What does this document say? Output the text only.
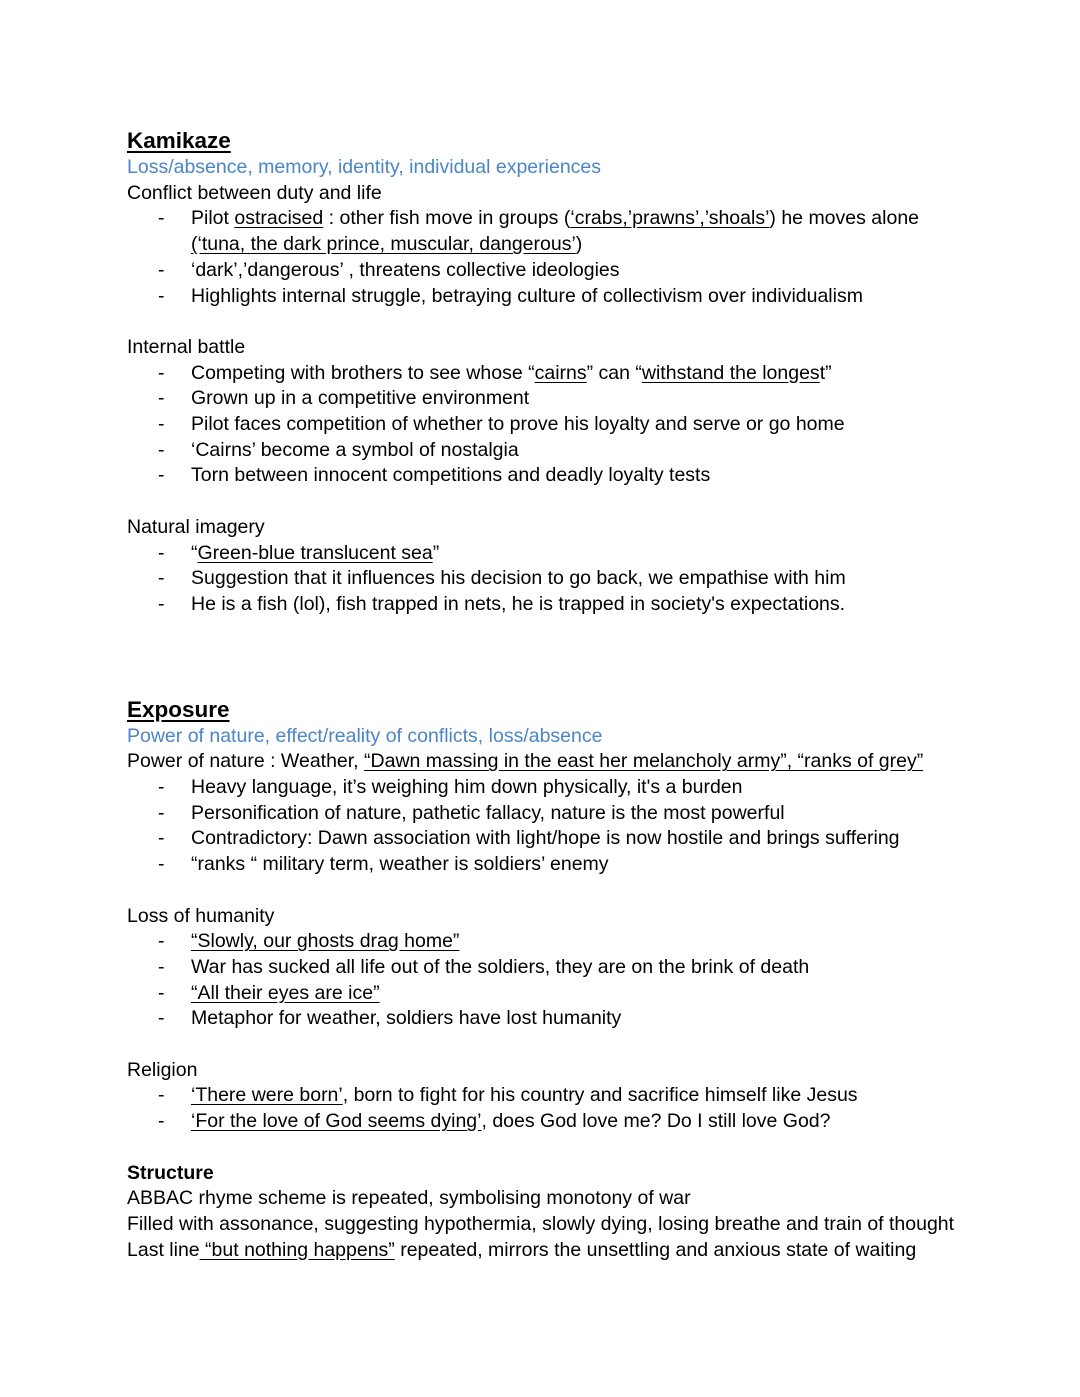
Kamikaze

Loss/absence, memory, identity, individual experiences

Conflict between duty and life

- Pilot ostracised : other fish move in groups (‘crabs,’prawns’,’shoals’) he moves alone
(‘tuna, the dark prince, muscular, dangerous’)
- ‘dark’,’dangerous’ , threatens collective ideologies
- Highlights internal struggle, betraying culture of collectivism over individualism

Internal battle

- Competing with brothers to see whose “cairns” can “withstand the longest”
- Grown up in a competitive environment
- Pilot faces competition of whether to prove his loyalty and serve or go home
- ‘Cairns’ become a symbol of nostalgia
- Torn between innocent competitions and deadly loyalty tests

Natural imagery

- “Green-blue translucent sea”
- Suggestion that it influences his decision to go back, we empathise with him
- He is a fish (lol), fish trapped in nets, he is trapped in society's expectations.

Exposure

Power of nature, effect/reality of conflicts, loss/absence

Power of nature : Weather, “Dawn massing in the east her melancholy army”, “ranks of grey”

- Heavy language, it’s weighing him down physically, it's a burden
- Personification of nature, pathetic fallacy, nature is the most powerful
- Contradictory: Dawn association with light/hope is now hostile and brings suffering
- “ranks “ military term, weather is soldiers’ enemy

Loss of humanity

- “Slowly, our ghosts drag home”
- War has sucked all life out of the soldiers, they are on the brink of death
- “All their eyes are ice”
- Metaphor for weather, soldiers have lost humanity

Religion

- ‘There were born’, born to fight for his country and sacrifice himself like Jesus
- ‘For the love of God seems dying’, does God love me? Do I still love God?

Structure

ABBAC rhyme scheme is repeated, symbolising monotony of war

Filled with assonance, suggesting hypothermia, slowly dying, losing breathe and train of thought

Last line “but nothing happens” repeated, mirrors the unsettling and anxious state of waiting
